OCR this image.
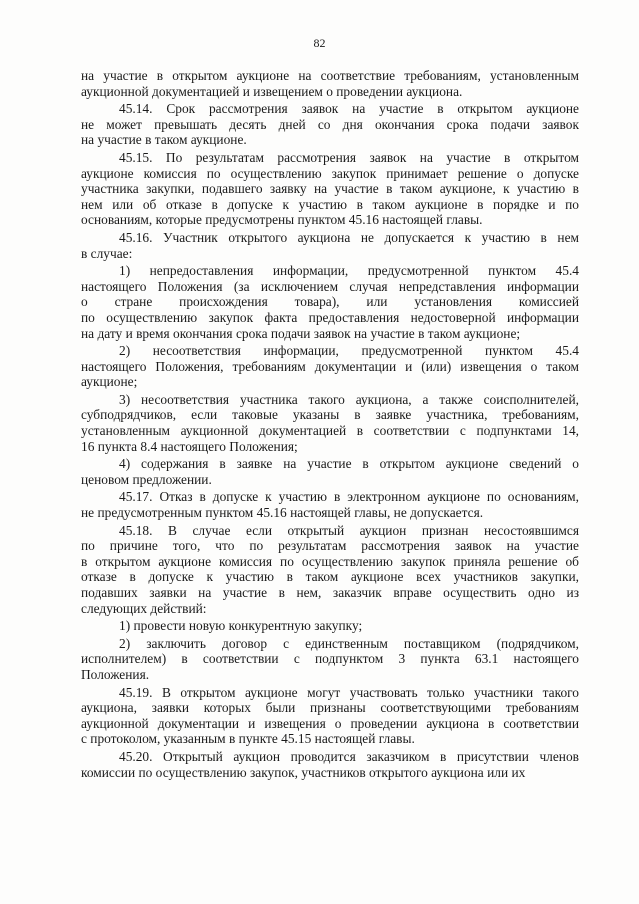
82
на участие в открытом аукционе на соответствие требованиям, установленным
аукционной документацией и извещением о проведении аукциона.
45.14. Срок рассмотрения заявок на участие в открытом аукционе
не может превышать десять дней со дня окончания срока подачи заявок
на участие в таком аукционе.
45.15. По результатам рассмотрения заявок на участие в открытом
аукционе комиссия по осуществлению закупок принимает решение о допуске
участника закупки, подавшего заявку на участие в таком аукционе, к участию в
нем или об отказе в допуске к участию в таком аукционе в порядке и по
основаниям, которые предусмотрены пунктом 45.16 настоящей главы.
45.16. Участник открытого аукциона не допускается к участию в нем
в случае:
1) непредоставления информации, предусмотренной пунктом 45.4
настоящего Положения (за исключением случая непредставления информации
о стране происхождения товара), или установления комиссией
по осуществлению закупок факта предоставления недостоверной информации
на дату и время окончания срока подачи заявок на участие в таком аукционе;
2) несоответствия информации, предусмотренной пунктом 45.4
настоящего Положения, требованиям документации и (или) извещения о таком
аукционе;
3) несоответствия участника такого аукциона, а также соисполнителей,
субподрядчиков, если таковые указаны в заявке участника, требованиям,
установленным аукционной документацией в соответствии с подпунктами 14,
16 пункта 8.4 настоящего Положения;
4) содержания в заявке на участие в открытом аукционе сведений о
ценовом предложении.
45.17. Отказ в допуске к участию в электронном аукционе по основаниям,
не предусмотренным пунктом 45.16 настоящей главы, не допускается.
45.18. В случае если открытый аукцион признан несостоявшимся
по причине того, что по результатам рассмотрения заявок на участие
в открытом аукционе комиссия по осуществлению закупок приняла решение об
отказе в допуске к участию в таком аукционе всех участников закупки,
подавших заявки на участие в нем, заказчик вправе осуществить одно из
следующих действий:
1) провести новую конкурентную закупку;
2) заключить договор с единственным поставщиком (подрядчиком,
исполнителем) в соответствии с подпунктом 3 пункта 63.1 настоящего
Положения.
45.19. В открытом аукционе могут участвовать только участники такого
аукциона, заявки которых были признаны соответствующими требованиям
аукционной документации и извещения о проведении аукциона в соответствии
с протоколом, указанным в пункте 45.15 настоящей главы.
45.20. Открытый аукцион проводится заказчиком в присутствии членов
комиссии по осуществлению закупок, участников открытого аукциона или их
